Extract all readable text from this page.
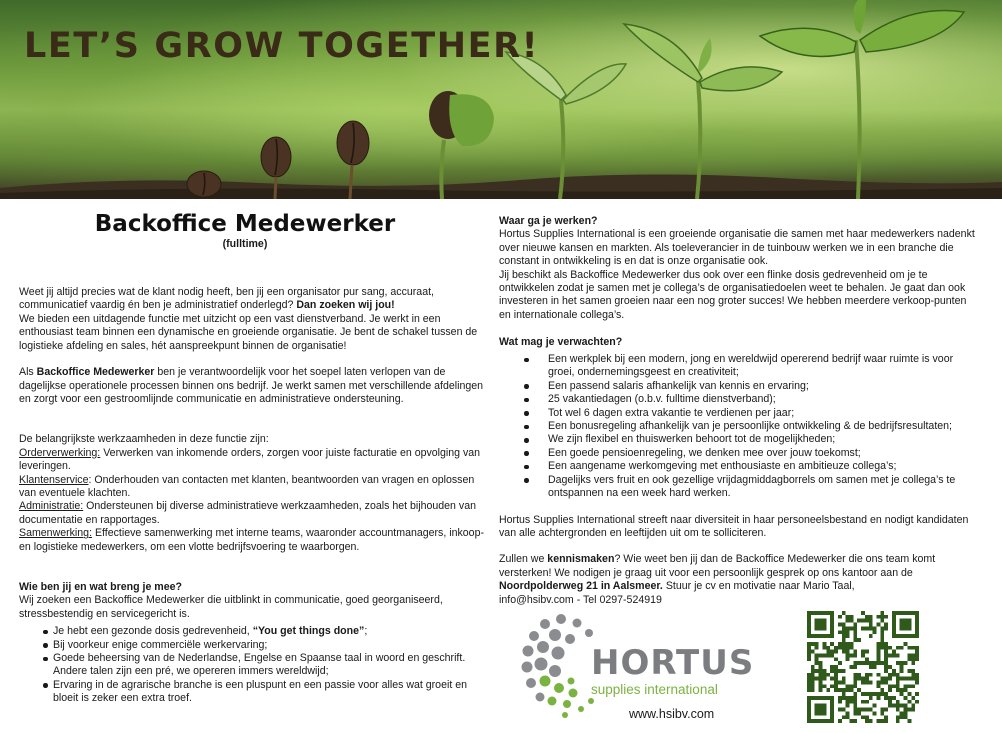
LET’S GROW TOGETHER!
Backoffice Medewerker

(fulltime)

Weet jij altijd precies wat de klant nodig heeft, ben jij een organisator pur sang, accuraat, communicatief vaardig én ben je administratief onderlegd? Dan zoeken wij jou!
We bieden een uitdagende functie met uitzicht op een vast dienstverband. Je werkt in een enthousiast team binnen een dynamische en groeiende organisatie. Je bent de schakel tussen de logistieke afdeling en sales, hét aanspreekpunt binnen de organisatie!

Als Backoffice Medewerker ben je verantwoordelijk voor het soepel laten verlopen van de dagelijkse operationele processen binnen ons bedrijf. Je werkt samen met verschillende afdelingen en zorgt voor een gestroomlijnde communicatie en administratieve ondersteuning.

De belangrijkste werkzaamheden in deze functie zijn:

Orderverwerking: Verwerken van inkomende orders, zorgen voor juiste facturatie en opvolging van leveringen.

Klantenservice: Onderhouden van contacten met klanten, beantwoorden van vragen en oplossen van eventuele klachten.

Administratie: Ondersteunen bij diverse administratieve werkzaamheden, zoals het bijhouden van documentatie en rapportages.

Samenwerking: Effectieve samenwerking met interne teams, waaronder accountmanagers, inkoop- en logistieke medewerkers, om een vlotte bedrijfsvoering te waarborgen.

Wie ben jij en wat breng je mee?

Wij zoeken een Backoffice Medewerker die uitblinkt in communicatie, goed georganiseerd, stressbestendig en servicegericht is.

Je hebt een gezonde dosis gedrevenheid, “You get things done”;
Bij voorkeur enige commerciële werkervaring;
Goede beheersing van de Nederlandse, Engelse en Spaanse taal in woord en geschrift. Andere talen zijn een pré, we opereren immers wereldwijd;
Ervaring in de agrarische branche is een pluspunt en een passie voor alles wat groeit en bloeit is zeker een extra troef.

Waar ga je werken?

Hortus Supplies International is een groeiende organisatie die samen met haar medewerkers nadenkt over nieuwe kansen en markten. Als toeleverancier in de tuinbouw werken we in een branche die constant in ontwikkeling is en dat is onze organisatie ook.

Jij beschikt als Backoffice Medewerker dus ook over een flinke dosis gedrevenheid om je te ontwikkelen zodat je samen met je collega’s de organisatiedoelen weet te behalen. Je gaat dan ook investeren in het samen groeien naar een nog groter succes! We hebben meerdere verkoop-punten en internationale collega’s.

Wat mag je verwachten?

Een werkplek bij een modern, jong en wereldwijd opererend bedrijf waar ruimte is voor groei, ondernemingsgeest en creativiteit;
Een passend salaris afhankelijk van kennis en ervaring;
25 vakantiedagen (o.b.v. fulltime dienstverband);
Tot wel 6 dagen extra vakantie te verdienen per jaar;
Een bonusregeling afhankelijk van je persoonlijke ontwikkeling & de bedrijfsresultaten;
We zijn flexibel en thuiswerken behoort tot de mogelijkheden;
Een goede pensioenregeling, we denken mee over jouw toekomst;
Een aangename werkomgeving met enthousiaste en ambitieuze collega’s;
Dagelijks vers fruit en ook gezellige vrijdagmiddagborrels om samen met je collega’s te ontspannen na een week hard werken.

Hortus Supplies International streeft naar diversiteit in haar personeelsbestand en nodigt kandidaten van alle achtergronden en leeftijden uit om te solliciteren.

Zullen we kennismaken? Wie weet ben jij dan de Backoffice Medewerker die ons team komt versterken! We nodigen je graag uit voor een persoonlijk gesprek op ons kantoor aan de Noordpolderweg 21 in Aalsmeer. Stuur je cv en motivatie naar Mario Taal,
info@hsibv.com - Tel 0297-524919

HORTUS
supplies international
www.hsibv.com
